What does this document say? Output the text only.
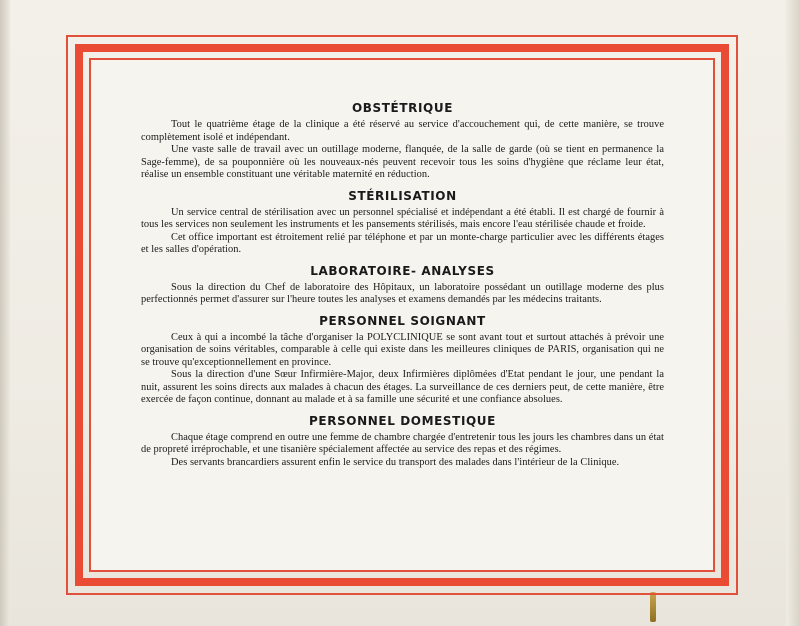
OBSTÉTRIQUE

Tout le quatrième étage de la clinique a été réservé au service d'accouchement qui, de cette manière, se trouve complètement isolé et indépendant.

Une vaste salle de travail avec un outillage moderne, flanquée, de la salle de garde (où se tient en permanence la Sage-femme), de sa pouponnière où les nouveaux-nés peuvent recevoir tous les soins d'hygiène que réclame leur état, réalise un ensemble constituant une véritable maternité en réduction.

STÉRILISATION

Un service central de stérilisation avec un personnel spécialisé et indépendant a été établi. Il est chargé de fournir à tous les services non seulement les instruments et les pansements stérilisés, mais encore l'eau stérilisée chaude et froide.

Cet office important est étroitement relié par téléphone et par un monte-charge particulier avec les différents étages et les salles d'opération.

LABORATOIRE- ANALYSES

Sous la direction du Chef de laboratoire des Hôpitaux, un laboratoire possédant un outillage moderne des plus perfectionnés permet d'assurer sur l'heure toutes les analyses et examens demandés par les médecins traitants.

PERSONNEL SOIGNANT

Ceux à qui a incombé la tâche d'organiser la POLYCLINIQUE se sont avant tout et surtout attachés à prévoir une organisation de soins véritables, comparable à celle qui existe dans les meilleures cliniques de PARIS, organisation qui ne se trouve qu'exceptionnellement en province.

Sous la direction d'une Sœur Infirmière-Major, deux Infirmières diplômées d'Etat pendant le jour, une pendant la nuit, assurent les soins directs aux malades à chacun des étages. La surveillance de ces derniers peut, de cette manière, être exercée de façon continue, donnant au malade et à sa famille une sécurité et une confiance absolues.

PERSONNEL DOMESTIQUE

Chaque étage comprend en outre une femme de chambre chargée d'entretenir tous les jours les chambres dans un état de propreté irréprochable, et une tisanière spécialement affectée au service des repas et des régimes.

Des servants brancardiers assurent enfin le service du transport des malades dans l'intérieur de la Clinique.
